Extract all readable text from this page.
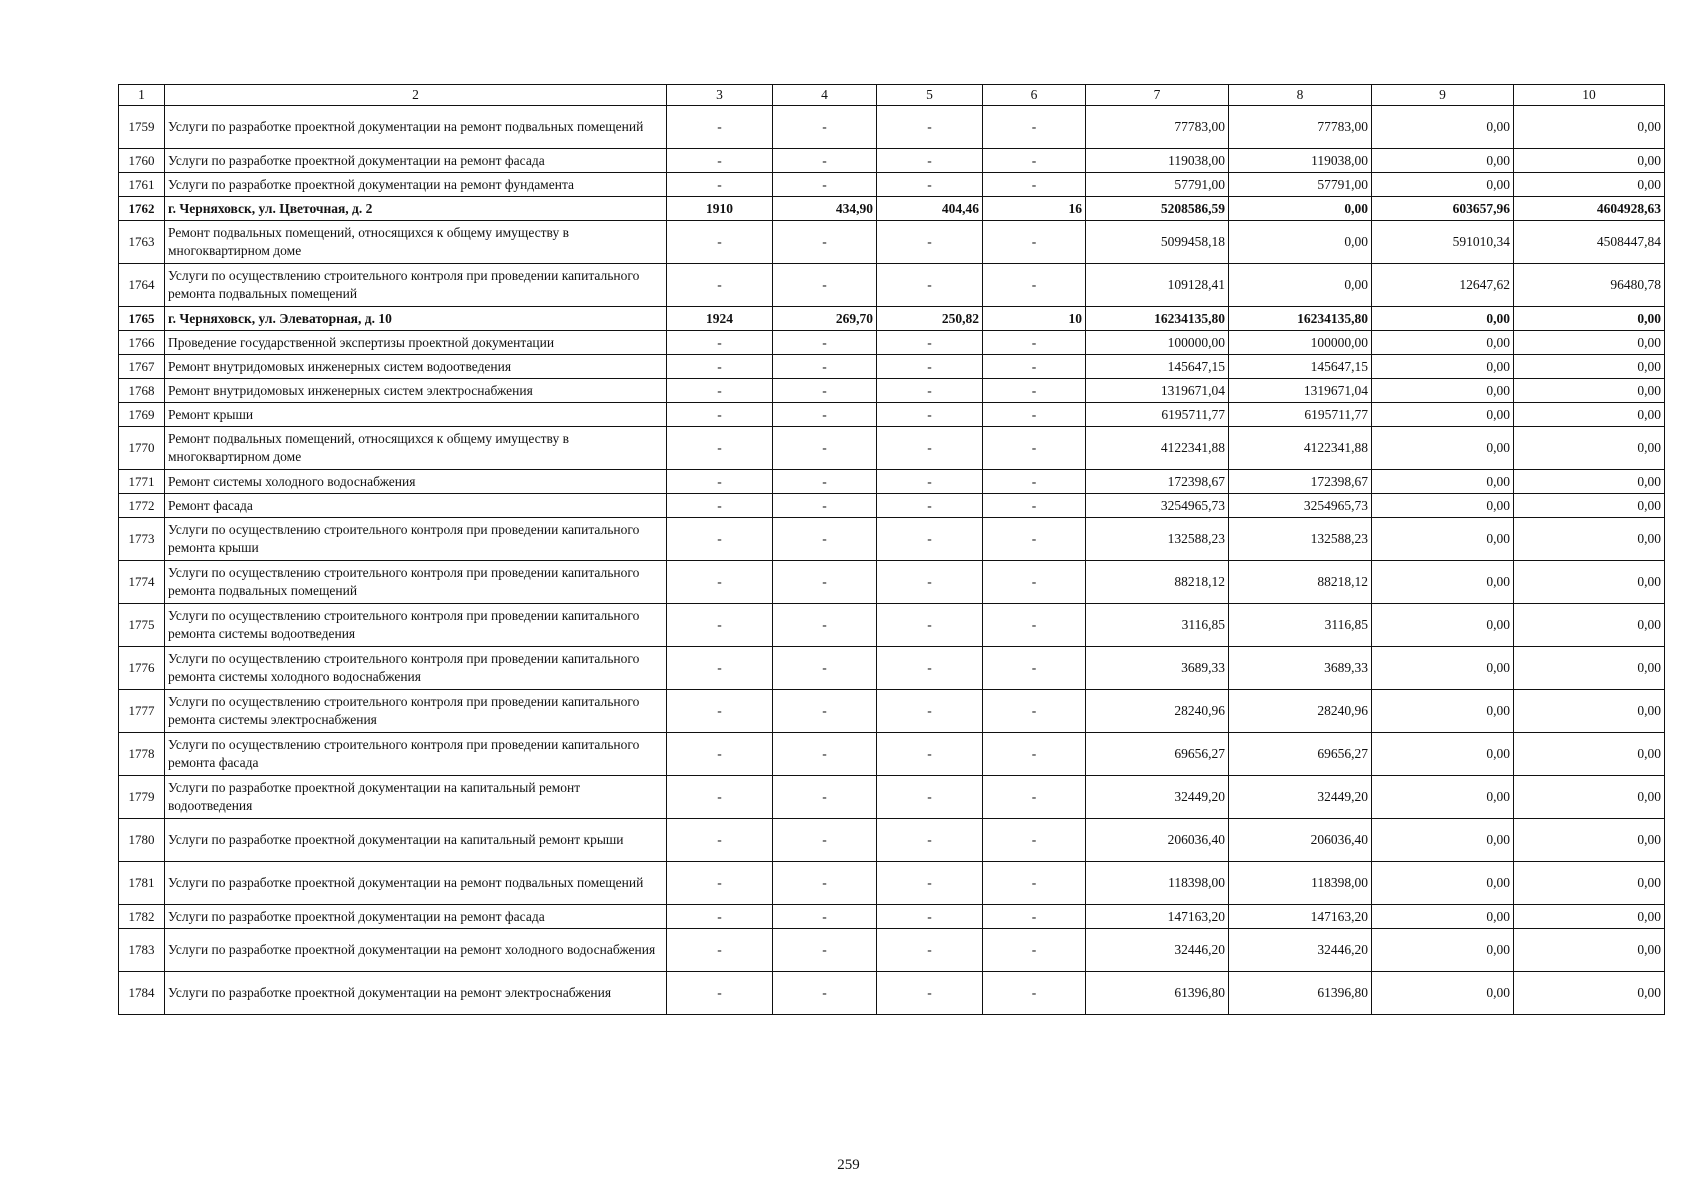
1	2	3	4	5	6	7	8	9	10
1759	Услуги по разработке проектной документации на ремонт подвальных помещений	-	-	-	-	77783,00	77783,00	0,00	0,00
1760	Услуги по разработке проектной документации на ремонт фасада	-	-	-	-	119038,00	119038,00	0,00	0,00
1761	Услуги по разработке проектной документации на ремонт фундамента	-	-	-	-	57791,00	57791,00	0,00	0,00
1762	г. Черняховск, ул. Цветочная, д. 2	1910	434,90	404,46	16	5208586,59	0,00	603657,96	4604928,63
1763	Ремонт подвальных помещений, относящихся к общему имуществу в многоквартирном доме	-	-	-	-	5099458,18	0,00	591010,34	4508447,84
1764	Услуги по осуществлению строительного контроля при проведении капитального ремонта подвальных помещений	-	-	-	-	109128,41	0,00	12647,62	96480,78
1765	г. Черняховск, ул. Элеваторная, д. 10	1924	269,70	250,82	10	16234135,80	16234135,80	0,00	0,00
1766	Проведение государственной экспертизы проектной документации	-	-	-	-	100000,00	100000,00	0,00	0,00
1767	Ремонт внутридомовых инженерных систем водоотведения	-	-	-	-	145647,15	145647,15	0,00	0,00
1768	Ремонт внутридомовых инженерных систем электроснабжения	-	-	-	-	1319671,04	1319671,04	0,00	0,00
1769	Ремонт крыши	-	-	-	-	6195711,77	6195711,77	0,00	0,00
1770	Ремонт подвальных помещений, относящихся к общему имуществу в многоквартирном доме	-	-	-	-	4122341,88	4122341,88	0,00	0,00
1771	Ремонт системы холодного водоснабжения	-	-	-	-	172398,67	172398,67	0,00	0,00
1772	Ремонт фасада	-	-	-	-	3254965,73	3254965,73	0,00	0,00
1773	Услуги по осуществлению строительного контроля при проведении капитального ремонта крыши	-	-	-	-	132588,23	132588,23	0,00	0,00
1774	Услуги по осуществлению строительного контроля при проведении капитального ремонта подвальных помещений	-	-	-	-	88218,12	88218,12	0,00	0,00
1775	Услуги по осуществлению строительного контроля при проведении капитального ремонта системы водоотведения	-	-	-	-	3116,85	3116,85	0,00	0,00
1776	Услуги по осуществлению строительного контроля при проведении капитального ремонта системы холодного водоснабжения	-	-	-	-	3689,33	3689,33	0,00	0,00
1777	Услуги по осуществлению строительного контроля при проведении капитального ремонта системы электроснабжения	-	-	-	-	28240,96	28240,96	0,00	0,00
1778	Услуги по осуществлению строительного контроля при проведении капитального ремонта фасада	-	-	-	-	69656,27	69656,27	0,00	0,00
1779	Услуги по разработке проектной документации на капитальный ремонт водоотведения	-	-	-	-	32449,20	32449,20	0,00	0,00
1780	Услуги по разработке проектной документации на капитальный ремонт крыши	-	-	-	-	206036,40	206036,40	0,00	0,00
1781	Услуги по разработке проектной документации на ремонт подвальных помещений	-	-	-	-	118398,00	118398,00	0,00	0,00
1782	Услуги по разработке проектной документации на ремонт фасада	-	-	-	-	147163,20	147163,20	0,00	0,00
1783	Услуги по разработке проектной документации на ремонт холодного водоснабжения	-	-	-	-	32446,20	32446,20	0,00	0,00
1784	Услуги по разработке проектной документации на ремонт электроснабжения	-	-	-	-	61396,80	61396,80	0,00	0,00
259
